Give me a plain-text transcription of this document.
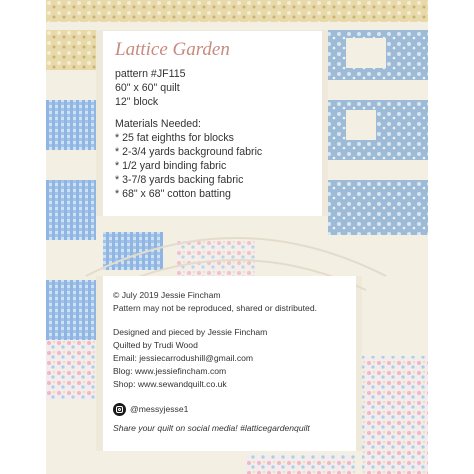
Lattice Garden
pattern #JF115
60" x 60" quilt
12" block
Materials Needed:
* 25 fat eighths for blocks
* 2-3/4 yards background fabric
* 1/2 yard binding fabric
* 3-7/8 yards backing fabric
* 68" x 68" cotton batting
© July 2019 Jessie Fincham
Pattern may not be reproduced, shared or distributed.
Designed and pieced by Jessie Fincham
Quilted by Trudi Wood
Email: jessiecarrodushill@gmail.com
Blog: www.jessiefincham.com
Shop: www.sewandquilt.co.uk
@messyjesse1
Share your quilt on social media! #latticegardenquilt
